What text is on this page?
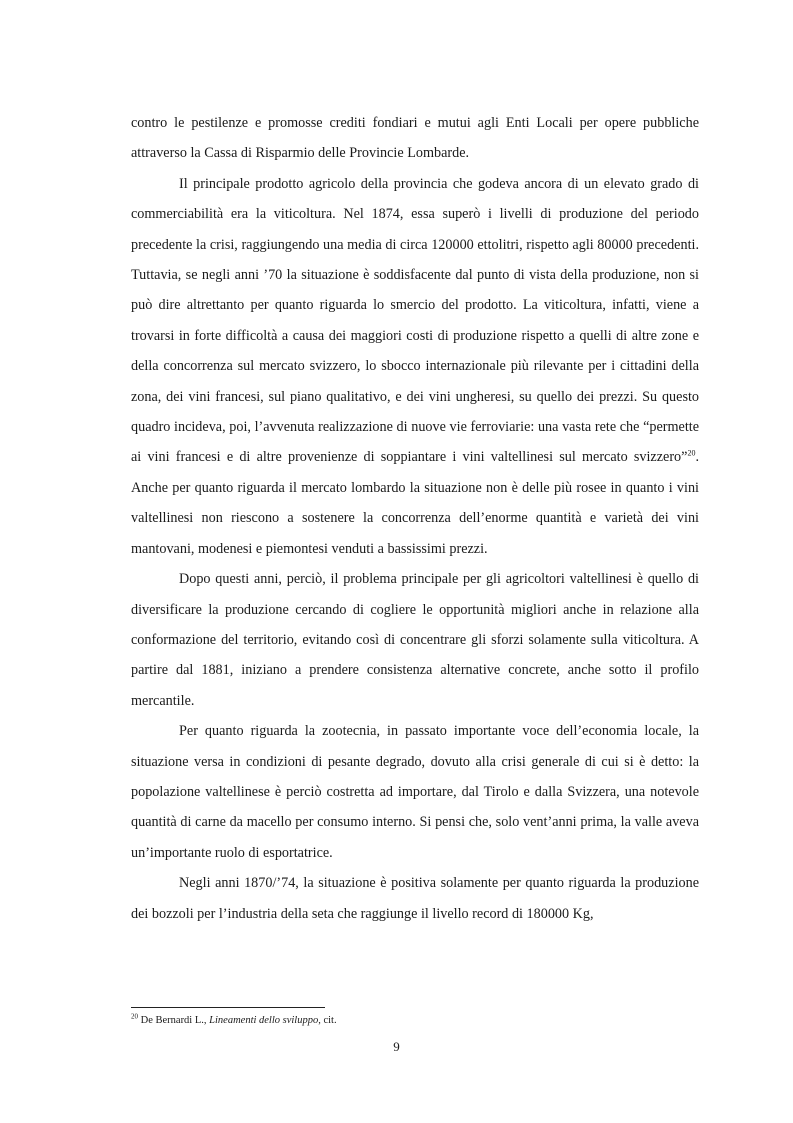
contro le pestilenze e promosse crediti fondiari e mutui agli Enti Locali per opere pubbliche attraverso la Cassa di Risparmio delle Provincie Lombarde.

Il principale prodotto agricolo della provincia che godeva ancora di un elevato grado di commerciabilità era la viticoltura. Nel 1874, essa superò i livelli di produzione del periodo precedente la crisi, raggiungendo una media di circa 120000 ettolitri, rispetto agli 80000 precedenti. Tuttavia, se negli anni ’70 la situazione è soddisfacente dal punto di vista della produzione, non si può dire altrettanto per quanto riguarda lo smercio del prodotto. La viticoltura, infatti, viene a trovarsi in forte difficoltà a causa dei maggiori costi di produzione rispetto a quelli di altre zone e della concorrenza sul mercato svizzero, lo sbocco internazionale più rilevante per i cittadini della zona, dei vini francesi, sul piano qualitativo, e dei vini ungheresi, su quello dei prezzi. Su questo quadro incideva, poi, l’avvenuta realizzazione di nuove vie ferroviarie: una vasta rete che “permette ai vini francesi e di altre provenienze di soppiantare i vini valtellinesi sul mercato svizzero”$^{20}$. Anche per quanto riguarda il mercato lombardo la situazione non è delle più rosee in quanto i vini valtellinesi non riescono a sostenere la concorrenza dell’enorme quantità e varietà dei vini mantovani, modenesi e piemontesi venduti a bassissimi prezzi.

Dopo questi anni, perciò, il problema principale per gli agricoltori valtellinesi è quello di diversificare la produzione cercando di cogliere le opportunità migliori anche in relazione alla conformazione del territorio, evitando così di concentrare gli sforzi solamente sulla viticoltura. A partire dal 1881, iniziano a prendere consistenza alternative concrete, anche sotto il profilo mercantile.

Per quanto riguarda la zootecnia, in passato importante voce dell’economia locale, la situazione versa in condizioni di pesante degrado, dovuto alla crisi generale di cui si è detto: la popolazione valtellinese è perciò costretta ad importare, dal Tirolo e dalla Svizzera, una notevole quantità di carne da macello per consumo interno. Si pensi che, solo vent’anni prima, la valle aveva un’importante ruolo di esportatrice.

Negli anni 1870/’74, la situazione è positiva solamente per quanto riguarda la produzione dei bozzoli per l’industria della seta che raggiunge il livello record di 180000 Kg,

$^{20}$ De Bernardi L., Lineamenti dello sviluppo, cit.
9
